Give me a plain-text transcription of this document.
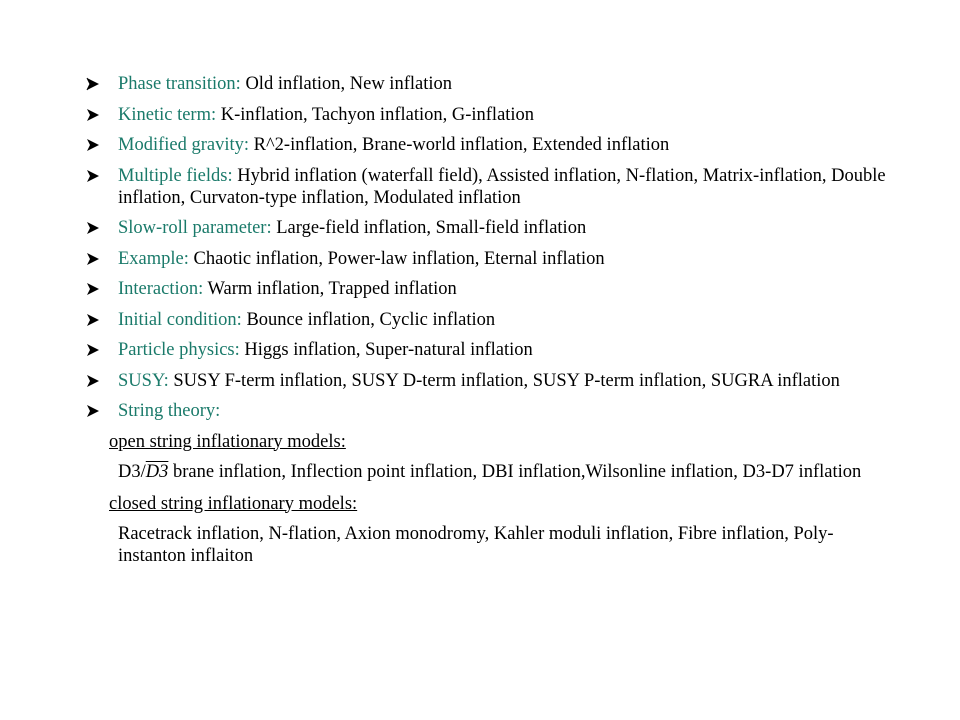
Phase transition: Old inflation, New inflation
Kinetic term: K-inflation, Tachyon inflation, G-inflation
Modified gravity: R^2-inflation, Brane-world inflation, Extended inflation
Multiple fields: Hybrid inflation (waterfall field), Assisted inflation, N-flation, Matrix-inflation, Double inflation, Curvaton-type inflation, Modulated inflation
Slow-roll parameter: Large-field inflation, Small-field inflation
Example: Chaotic inflation, Power-law inflation, Eternal inflation
Interaction: Warm inflation, Trapped inflation
Initial condition: Bounce inflation, Cyclic inflation
Particle physics: Higgs inflation, Super-natural inflation
SUSY: SUSY F-term inflation, SUSY D-term inflation, SUSY P-term inflation, SUGRA inflation
String theory:
open string inflationary models:
D3/D3 brane inflation, Inflection point inflation, DBI inflation,Wilsonline inflation, D3-D7 inflation
closed string inflationary models:
Racetrack inflation, N-flation, Axion monodromy, Kahler moduli inflation, Fibre inflation, Poly-instanton inflaiton
